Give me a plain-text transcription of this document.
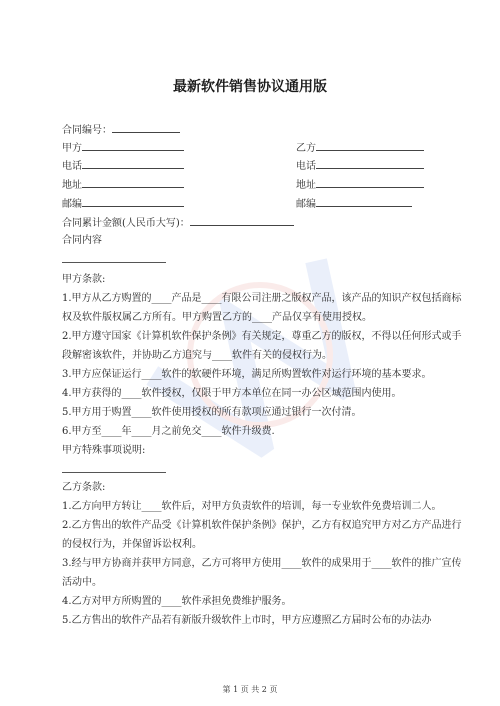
最新软件销售协议通用版
合同编号：
甲方	乙方
电话	电话
地址	地址
邮编	邮编
合同累计金额(人民币大写)：
合同内容

甲方条款:

1.甲方从乙方购置的____产品是____有限公司注册之版权产品，该产品的知识产权包括商标权及软件版权属乙方所有。甲方购置乙方的____产品仅享有使用授权。

2.甲方遵守国家《计算机软件保护条例》有关规定，尊重乙方的版权，不得以任何形式或手段解密该软件，并协助乙方追究与____软件有关的侵权行为。

3.甲方应保证运行____软件的软硬件环境，满足所购置软件对运行环境的基本要求。

4.甲方获得的____软件授权，仅限于甲方本单位在同一办公区域范围内使用。

5.甲方用于购置____软件使用授权的所有款项应通过银行一次付清。

6.甲方至____年____月之前免交____软件升级费.

甲方特殊事项说明:

乙方条款:

1.乙方向甲方转让____软件后，对甲方负责软件的培训，每一专业软件免费培训二人。

2.乙方售出的软件产品受《计算机软件保护条例》保护，乙方有权追究甲方对乙方产品进行的侵权行为，并保留诉讼权利。

3.经与甲方协商并获甲方同意，乙方可将甲方使用____软件的成果用于____软件的推广宣传活动中。

4.乙方对甲方所购置的____软件承担免费维护服务。

5.乙方售出的软件产品若有新版升级软件上市时，甲方应遵照乙方届时公布的办法办

第 1 页 共 2 页
